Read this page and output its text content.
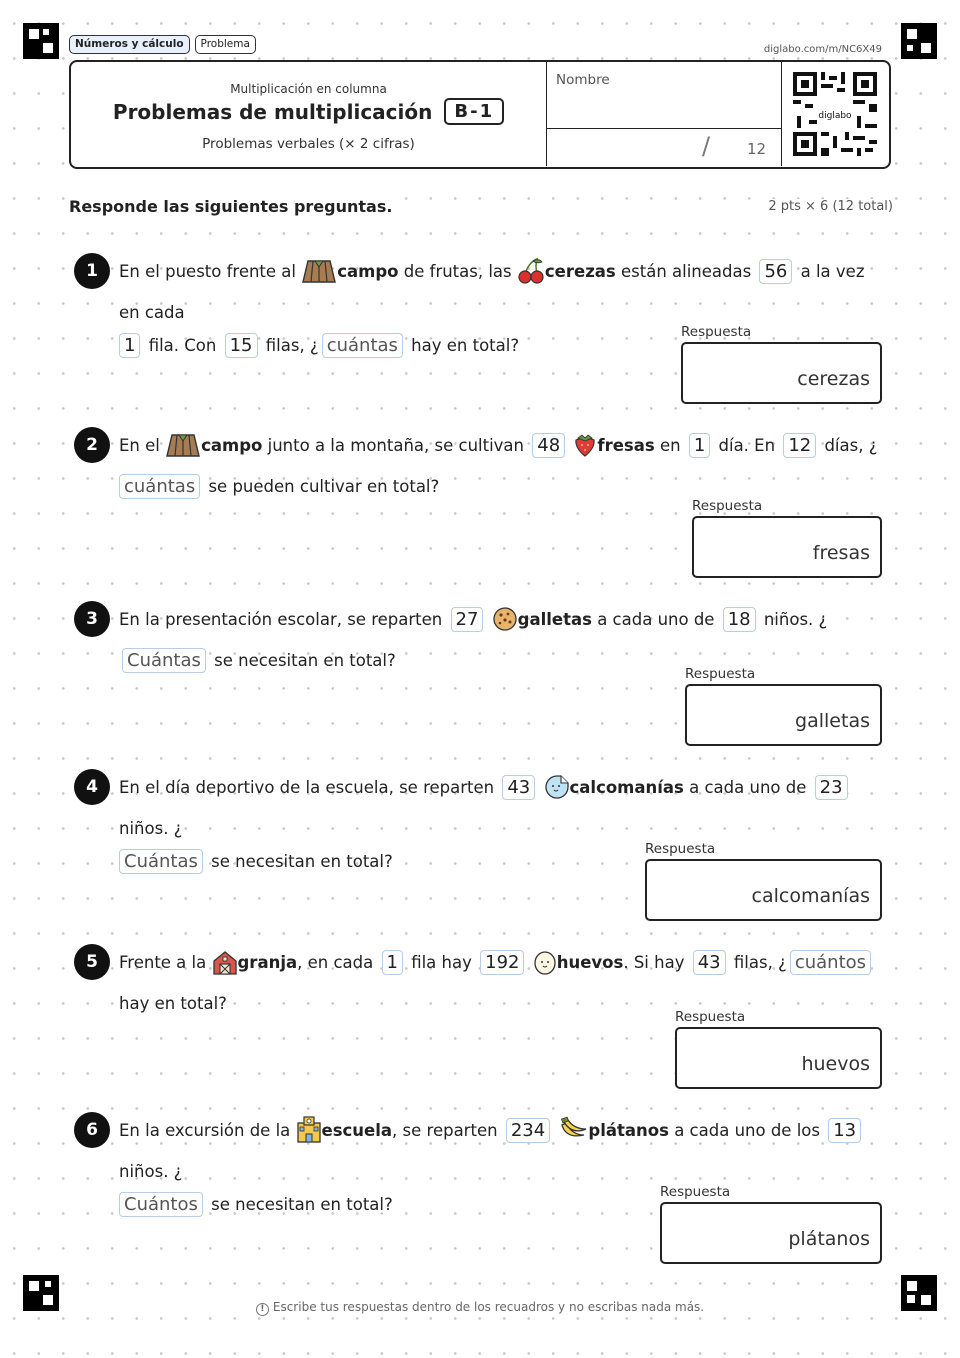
Números y cálculo	Problema	diglabo.com/m/NC6X49
Multiplicación en columna
Problemas de multiplicación	B-1
Problemas verbales (× 2 cifras)
Nombre
/ 12
diglabo
Responde las siguientes preguntas.	2 pts × 6 (12 total)
1	En el puesto frente al	campo de frutas, las cerezas están alineadas 56 a la vez en cada
1 fila. Con 15 filas, ¿ cuántas hay en total?
Respuesta
cerezas
2	En el	campo junto a la montaña, se cultivan 48 fresas en 1 día. En 12 días, ¿
cuántas se pueden cultivar en total?
Respuesta
fresas
3	En la presentación escolar, se reparten 27 galletas a cada uno de 18 niños. ¿Cuántas se necesitan en total?
Respuesta
galletas
4	En el día deportivo de la escuela, se reparten 43 calcomanías a cada uno de 23 niños. ¿
Cuántas se necesitan en total?
Respuesta
calcomanías
5	Frente a la granja, en cada 1 fila hay 192 huevos. Si hay 43 filas, ¿ cuántos hay en total?
Respuesta
huevos
6	En la excursión de la escuela, se reparten 234	plátanos a cada uno de los 13 niños. ¿
Cuántos se necesitan en total?
Respuesta
plátanos
! Escribe tus respuestas dentro de los recuadros y no escribas nada más.
